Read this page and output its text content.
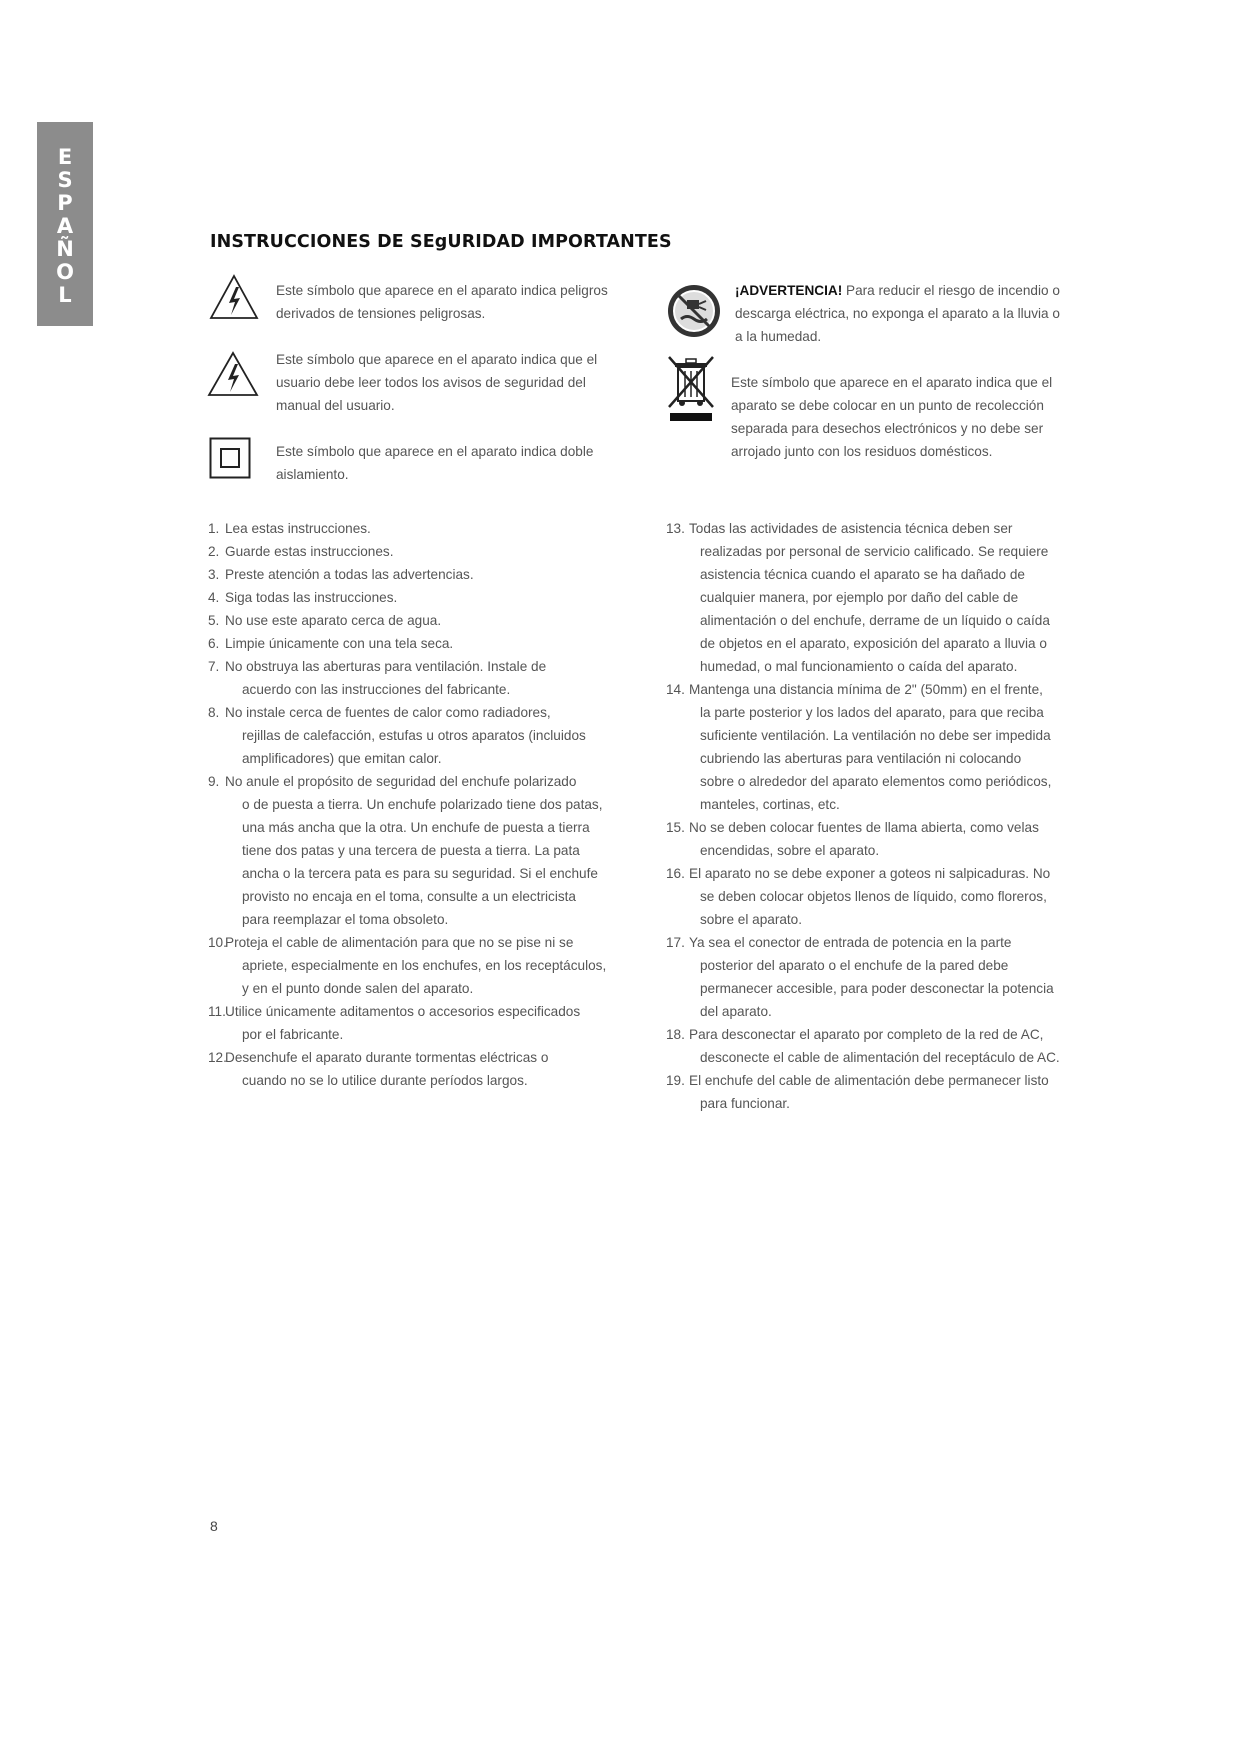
E
S
P
A
Ñ
O
L
INSTRUCCIONES DE SEgURIDAD IMPORTANTES
Este símbolo que aparece en el aparato indica peligros derivados de tensiones peligrosas.
Este símbolo que aparece en el aparato indica que el usuario debe leer todos los avisos de seguridad del manual del usuario.
Este símbolo que aparece en el aparato indica doble aislamiento.
¡ADVERTENCIA! Para reducir el riesgo de incendio o descarga eléctrica, no exponga el aparato a la lluvia o a la humedad.
Este símbolo que aparece en el aparato indica que el aparato se debe colocar en un punto de recolección separada para desechos electrónicos y no debe ser arrojado junto con los residuos domésticos.
1. Lea estas instrucciones.
2. Guarde estas instrucciones.
3. Preste atención a todas las advertencias.
4. Siga todas las instrucciones.
5. No use este aparato cerca de agua.
6. Limpie únicamente con una tela seca.
7. No obstruya las aberturas para ventilación. Instale de
acuerdo con las instrucciones del fabricante.
8. No instale cerca de fuentes de calor como radiadores,
rejillas de calefacción, estufas u otros aparatos (incluidos
amplificadores) que emitan calor.
9. No anule el propósito de seguridad del enchufe polarizado
o de puesta a tierra. Un enchufe polarizado tiene dos patas,
una más ancha que la otra. Un enchufe de puesta a tierra
tiene dos patas y una tercera de puesta a tierra. La pata
ancha o la tercera pata es para su seguridad. Si el enchufe
provisto no encaja en el toma, consulte a un electricista
para reemplazar el toma obsoleto.
10.
Proteja el cable de alimentación para que no se pise ni se
apriete, especialmente en los enchufes, en los receptáculos,
y en el punto donde salen del aparato.
11. Utilice únicamente aditamentos o accesorios especificados
por el fabricante.
12.
Desenchufe el aparato durante tormentas eléctricas o
cuando no se lo utilice durante períodos largos.
13. Todas las actividades de asistencia técnica deben ser
realizadas por personal de servicio calificado. Se requiere
asistencia técnica cuando el aparato se ha dañado de
cualquier manera, por ejemplo por daño del cable de
alimentación o del enchufe, derrame de un líquido o caída
de objetos en el aparato, exposición del aparato a lluvia o
humedad, o mal funcionamiento o caída del aparato.
14. Mantenga una distancia mínima de 2" (50mm) en el frente,
la parte posterior y los lados del aparato, para que reciba
suficiente ventilación. La ventilación no debe ser impedida
cubriendo las aberturas para ventilación ni colocando
sobre o alrededor del aparato elementos como periódicos,
manteles, cortinas, etc.
15. No se deben colocar fuentes de llama abierta, como velas
encendidas, sobre el aparato.
16. El aparato no se debe exponer a goteos ni salpicaduras. No
se deben colocar objetos llenos de líquido, como floreros,
sobre el aparato.
17. Ya sea el conector de entrada de potencia en la parte
posterior del aparato o el enchufe de la pared debe
permanecer accesible, para poder desconectar la potencia
del aparato.
18. Para desconectar el aparato por completo de la red de AC,
desconecte el cable de alimentación del receptáculo de AC.
19. El enchufe del cable de alimentación debe permanecer listo
para funcionar.
8
